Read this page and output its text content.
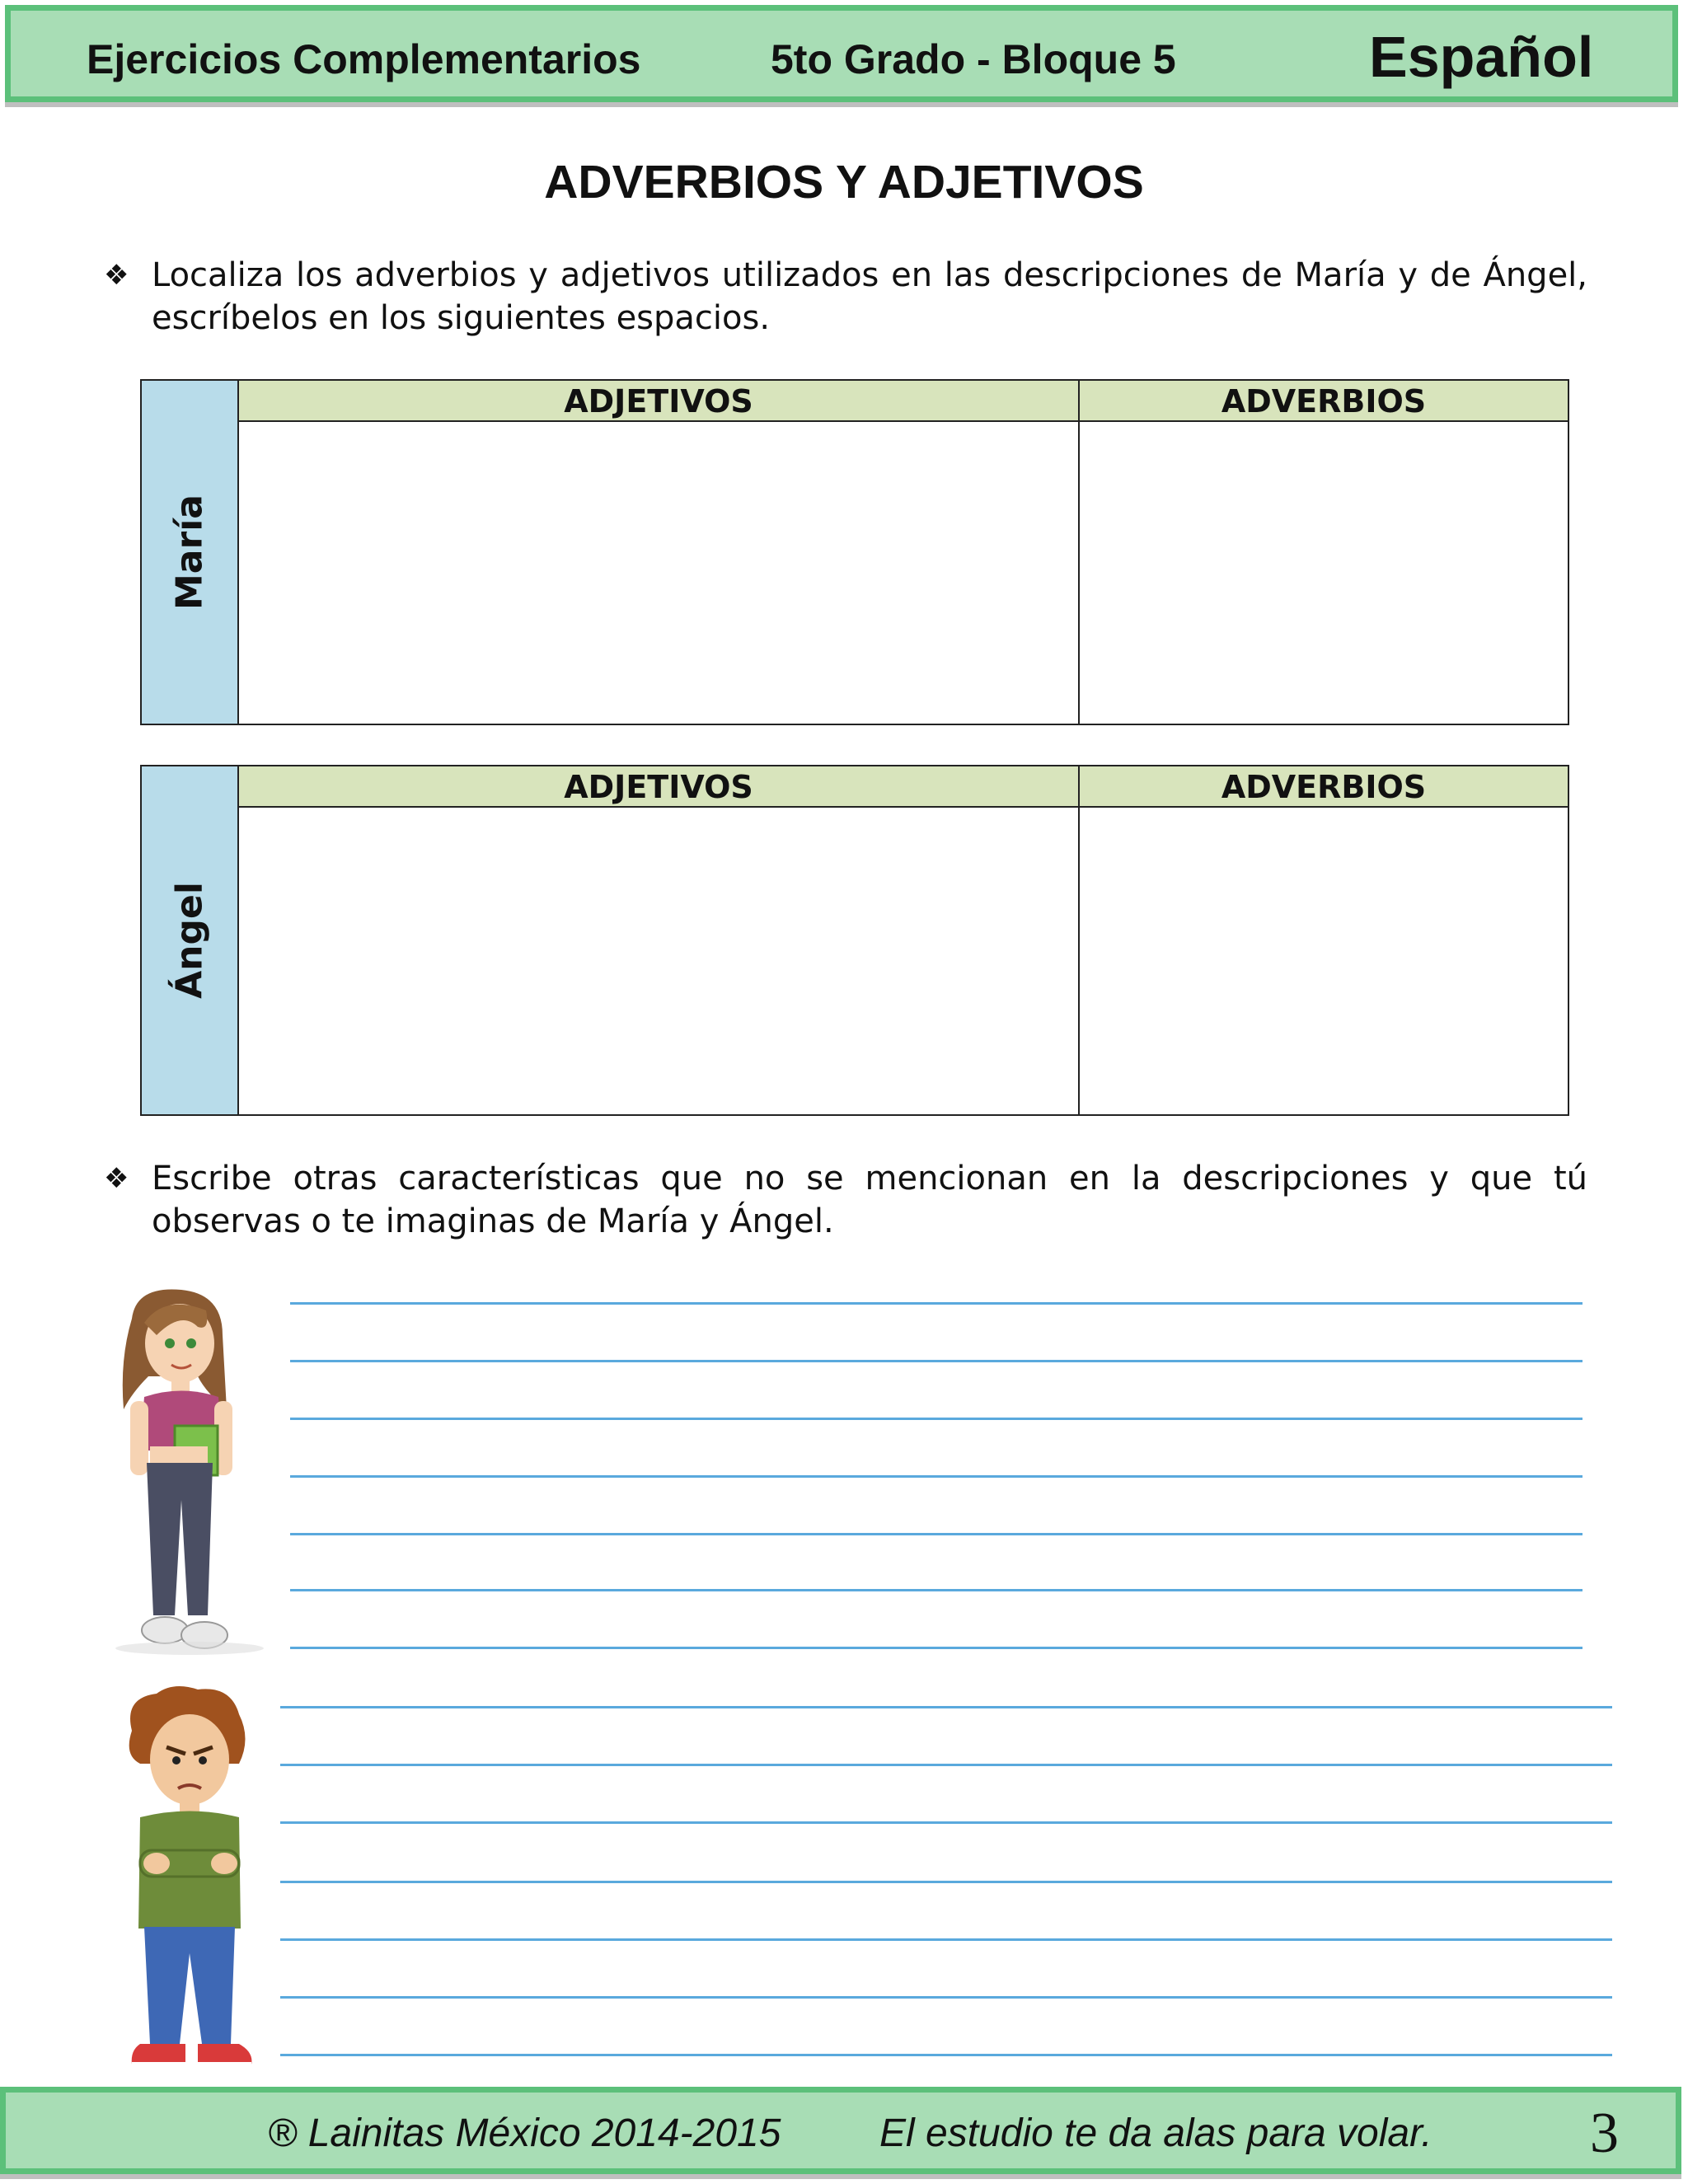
Ejercicios Complementarios	5to Grado - Bloque 5	Español
ADVERBIOS Y ADJETIVOS
❖ Localiza los adverbios y adjetivos utilizados en las descripciones de María y de Ángel, escríbelos en los siguientes espacios.
María
ADJETIVOS	ADVERBIOS
Ángel
ADJETIVOS	ADVERBIOS
❖ Escribe otras características que no se mencionan en la descripciones y que tú observas o te imaginas de María y Ángel.
® Lainitas México 2014-2015 El estudio te da alas para volar.	3
